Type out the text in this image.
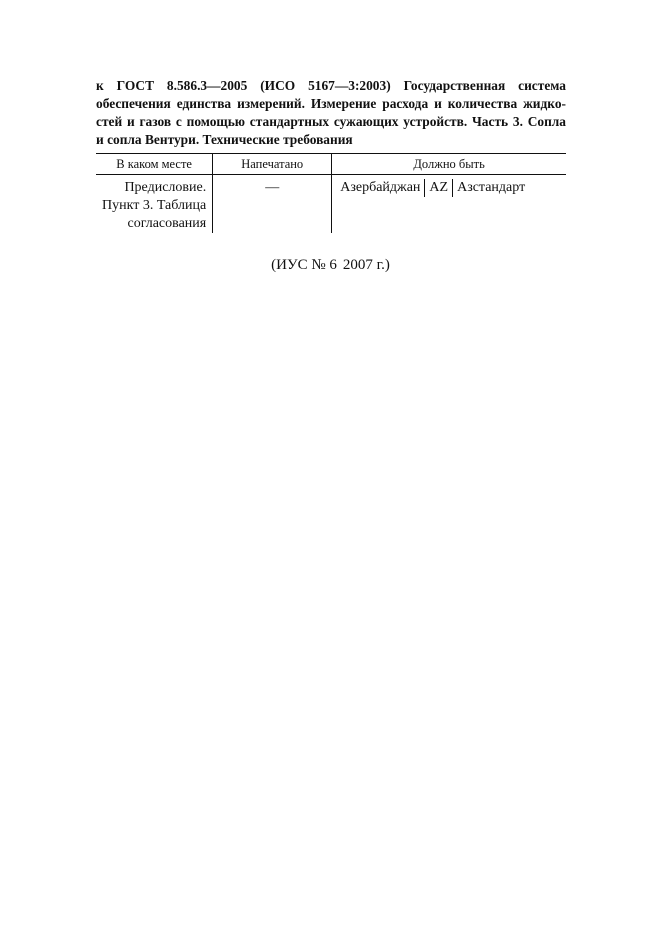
к ГОСТ 8.586.3—2005 (ИСО 5167—3:2003) Государственная система
обеспечения единства измерений. Измерение расхода и количества жидко-
стей и газов с помощью стандартных сужающих устройств. Часть 3. Сопла
и сопла Вентури. Технические требования

В каком месте	Напечатано	Должно быть

Предисловие.
Пункт 3. Таблица
согласования	—	Азербайджан AZ Азстандарт

(ИУС № 6 2007 г.)
